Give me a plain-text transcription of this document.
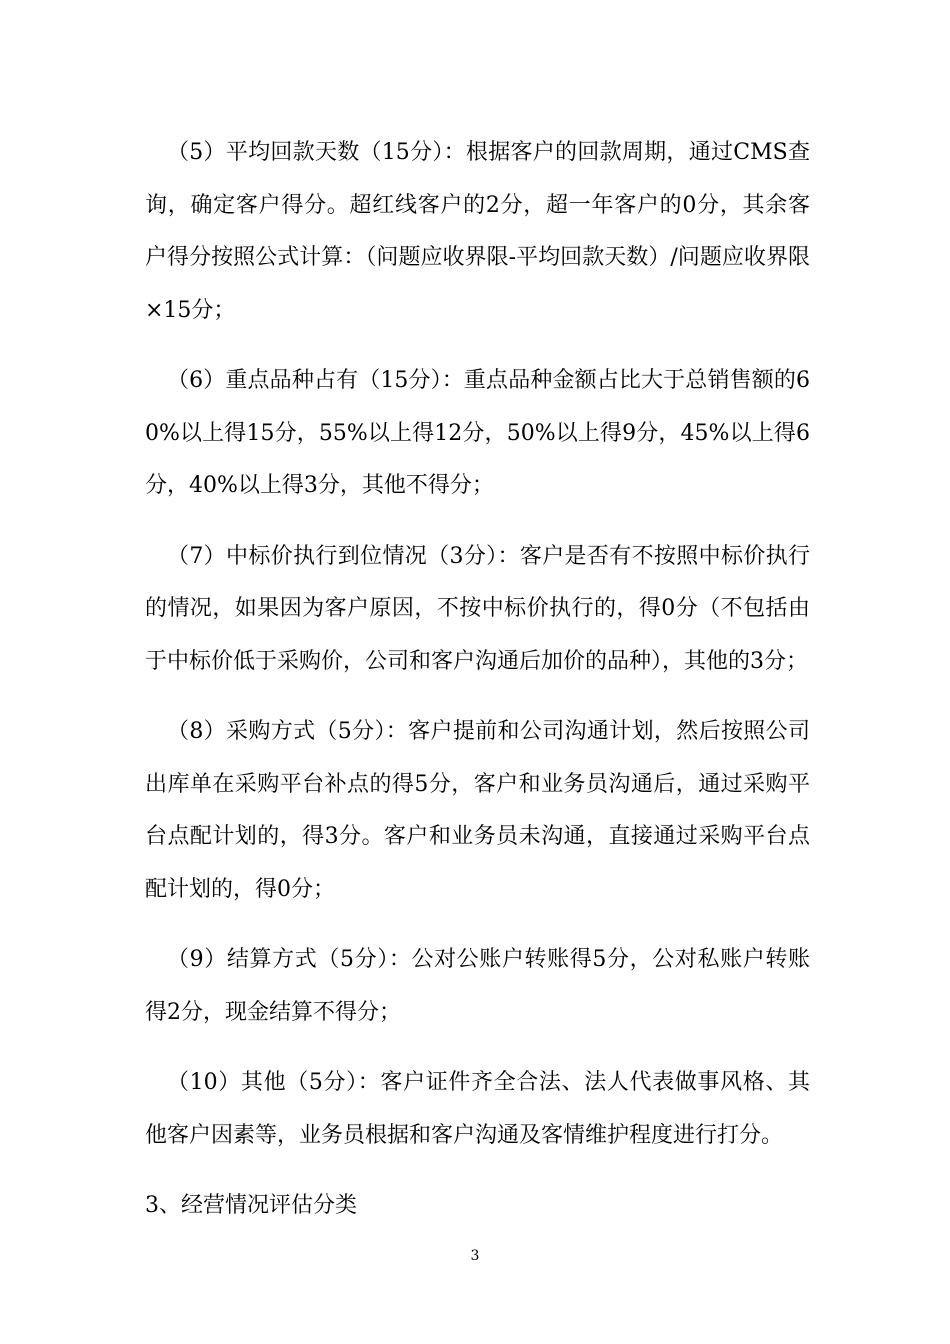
（5）平均回款天数（15分）：根据客户的回款周期，通过CMS查询，确定客户得分。超红线客户的2分，超一年客户的0分，其余客户得分按照公式计算：（问题应收界限-平均回款天数）/问题应收界限×15分；

（6）重点品种占有（15分）：重点品种金额占比大于总销售额的60%以上得15分，55%以上得12分，50%以上得9分，45%以上得6分，40%以上得3分，其他不得分；

（7）中标价执行到位情况（3分）：客户是否有不按照中标价执行的情况，如果因为客户原因，不按中标价执行的，得0分（不包括由于中标价低于采购价，公司和客户沟通后加价的品种），其他的3分；

（8）采购方式（5分）：客户提前和公司沟通计划，然后按照公司出库单在采购平台补点的得5分，客户和业务员沟通后，通过采购平台点配计划的，得3分。客户和业务员未沟通，直接通过采购平台点配计划的，得0分；

（9）结算方式（5分）：公对公账户转账得5分，公对私账户转账得2分，现金结算不得分；

（10）其他（5分）：客户证件齐全合法、法人代表做事风格、其他客户因素等，业务员根据和客户沟通及客情维护程度进行打分。

3、经营情况评估分类

3
